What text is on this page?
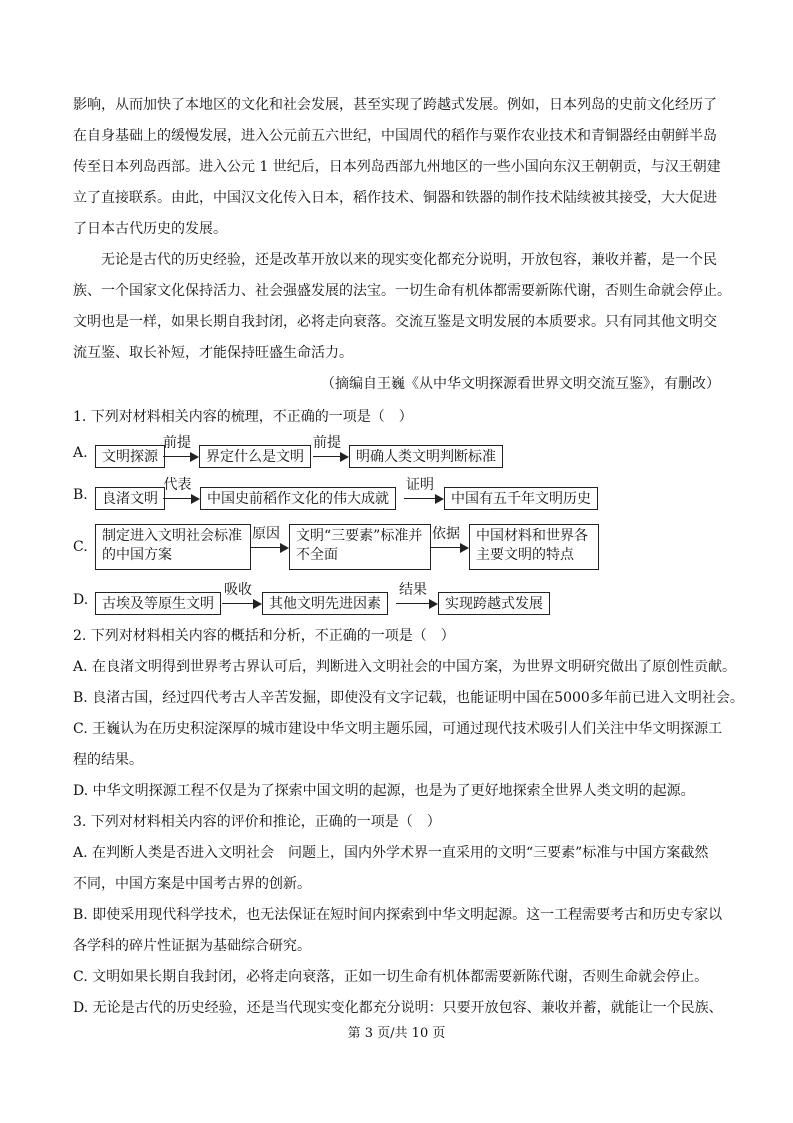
影响，从而加快了本地区的文化和社会发展，甚至实现了跨越式发展。例如，日本列岛的史前文化经历了
在自身基础上的缓慢发展，进入公元前五六世纪，中国周代的稻作与粟作农业技术和青铜器经由朝鲜半岛
传至日本列岛西部。进入公元 1 世纪后，日本列岛西部九州地区的一些小国向东汉王朝朝贡，与汉王朝建
立了直接联系。由此，中国汉文化传入日本，稻作技术、铜器和铁器的制作技术陆续被其接受，大大促进
了日本古代历史的发展。
无论是古代的历史经验，还是改革开放以来的现实变化都充分说明，开放包容，兼收并蓄，是一个民
族、一个国家文化保持活力、社会强盛发展的法宝。一切生命有机体都需要新陈代谢，否则生命就会停止。
文明也是一样，如果长期自我封闭，必将走向衰落。交流互鉴是文明发展的本质要求。只有同其他文明交
流互鉴、取长补短，才能保持旺盛生命活力。
（摘编自王巍《从中华文明探源看世界文明交流互鉴》，有删改）
1. 下列对材料相关内容的梳理，不正确的一项是（　）
A.	文明探源
前提
界定什么是文明
前提
明确人类文明判断标准
B.	良渚文明
代表
中国史前稻作文化的伟大成就
证明
中国有五千年文明历史
C.
制定进入文明社会标准的中国方案
原因	文明“三要素”标准并不全面
依据	中国材料和世界各主要文明的特点
D. 古埃及等原生文明
吸收
其他文明先进因素
结果
实现跨越式发展
2. 下列对材料相关内容的概括和分析，不正确的一项是（　）
A. 在良渚文明得到世界考古界认可后，判断进入文明社会的中国方案，为世界文明研究做出了原创性贡献。
B. 良渚古国，经过四代考古人辛苦发掘，即使没有文字记载，也能证明中国在5000多年前已进入文明社会。
C. 王巍认为在历史积淀深厚的城市建设中华文明主题乐园，可通过现代技术吸引人们关注中华文明探源工
程的结果。
D. 中华文明探源工程不仅是为了探索中国文明的起源，也是为了更好地探索全世界人类文明的起源。
3. 下列对材料相关内容的评价和推论，正确的一项是（　）
A. 在判断人类是否进入文明社会　问题上，国内外学术界一直采用的文明“三要素”标准与中国方案截然
不同，中国方案是中国考古界的创新。
B. 即使采用现代科学技术，也无法保证在短时间内探索到中华文明起源。这一工程需要考古和历史专家以
各学科的碎片性证据为基础综合研究。
C. 文明如果长期自我封闭，必将走向衰落，正如一切生命有机体都需要新陈代谢，否则生命就会停止。
D. 无论是古代的历史经验，还是当代现实变化都充分说明：只要开放包容、兼收并蓄，就能让一个民族、
第 3 页/共 10 页
